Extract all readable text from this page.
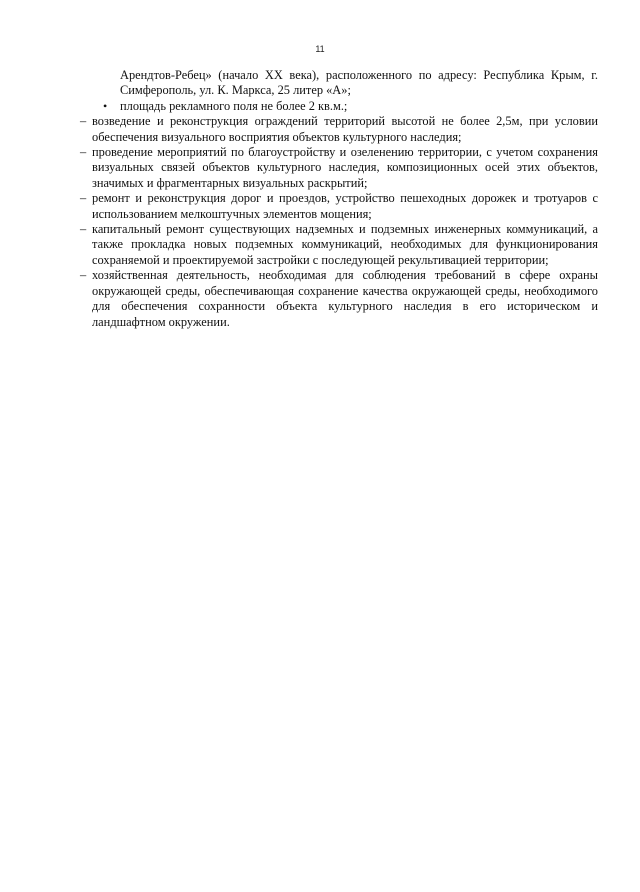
11
Арендтов-Ребец» (начало XX века), расположенного по адресу: Республика Крым, г. Симферополь, ул. К. Маркса, 25 литер «А»;
• площадь рекламного поля не более 2 кв.м.;
– возведение и реконструкция ограждений территорий высотой не более 2,5м, при условии обеспечения визуального восприятия объектов культурного наследия;
– проведение мероприятий по благоустройству и озеленению территории, с учетом сохранения визуальных связей объектов культурного наследия, композиционных осей этих объектов, значимых и фрагментарных визуальных раскрытий;
– ремонт и реконструкция дорог и проездов, устройство пешеходных дорожек и тротуаров с использованием мелкоштучных элементов мощения;
– капитальный ремонт существующих надземных и подземных инженерных коммуникаций, а также прокладка новых подземных коммуникаций, необходимых для функционирования сохраняемой и проектируемой застройки с последующей рекультивацией территории;
– хозяйственная деятельность, необходимая для соблюдения требований в сфере охраны окружающей среды, обеспечивающая сохранение качества окружающей среды, необходимого для обеспечения сохранности объекта культурного наследия в его историческом и ландшафтном окружении.
